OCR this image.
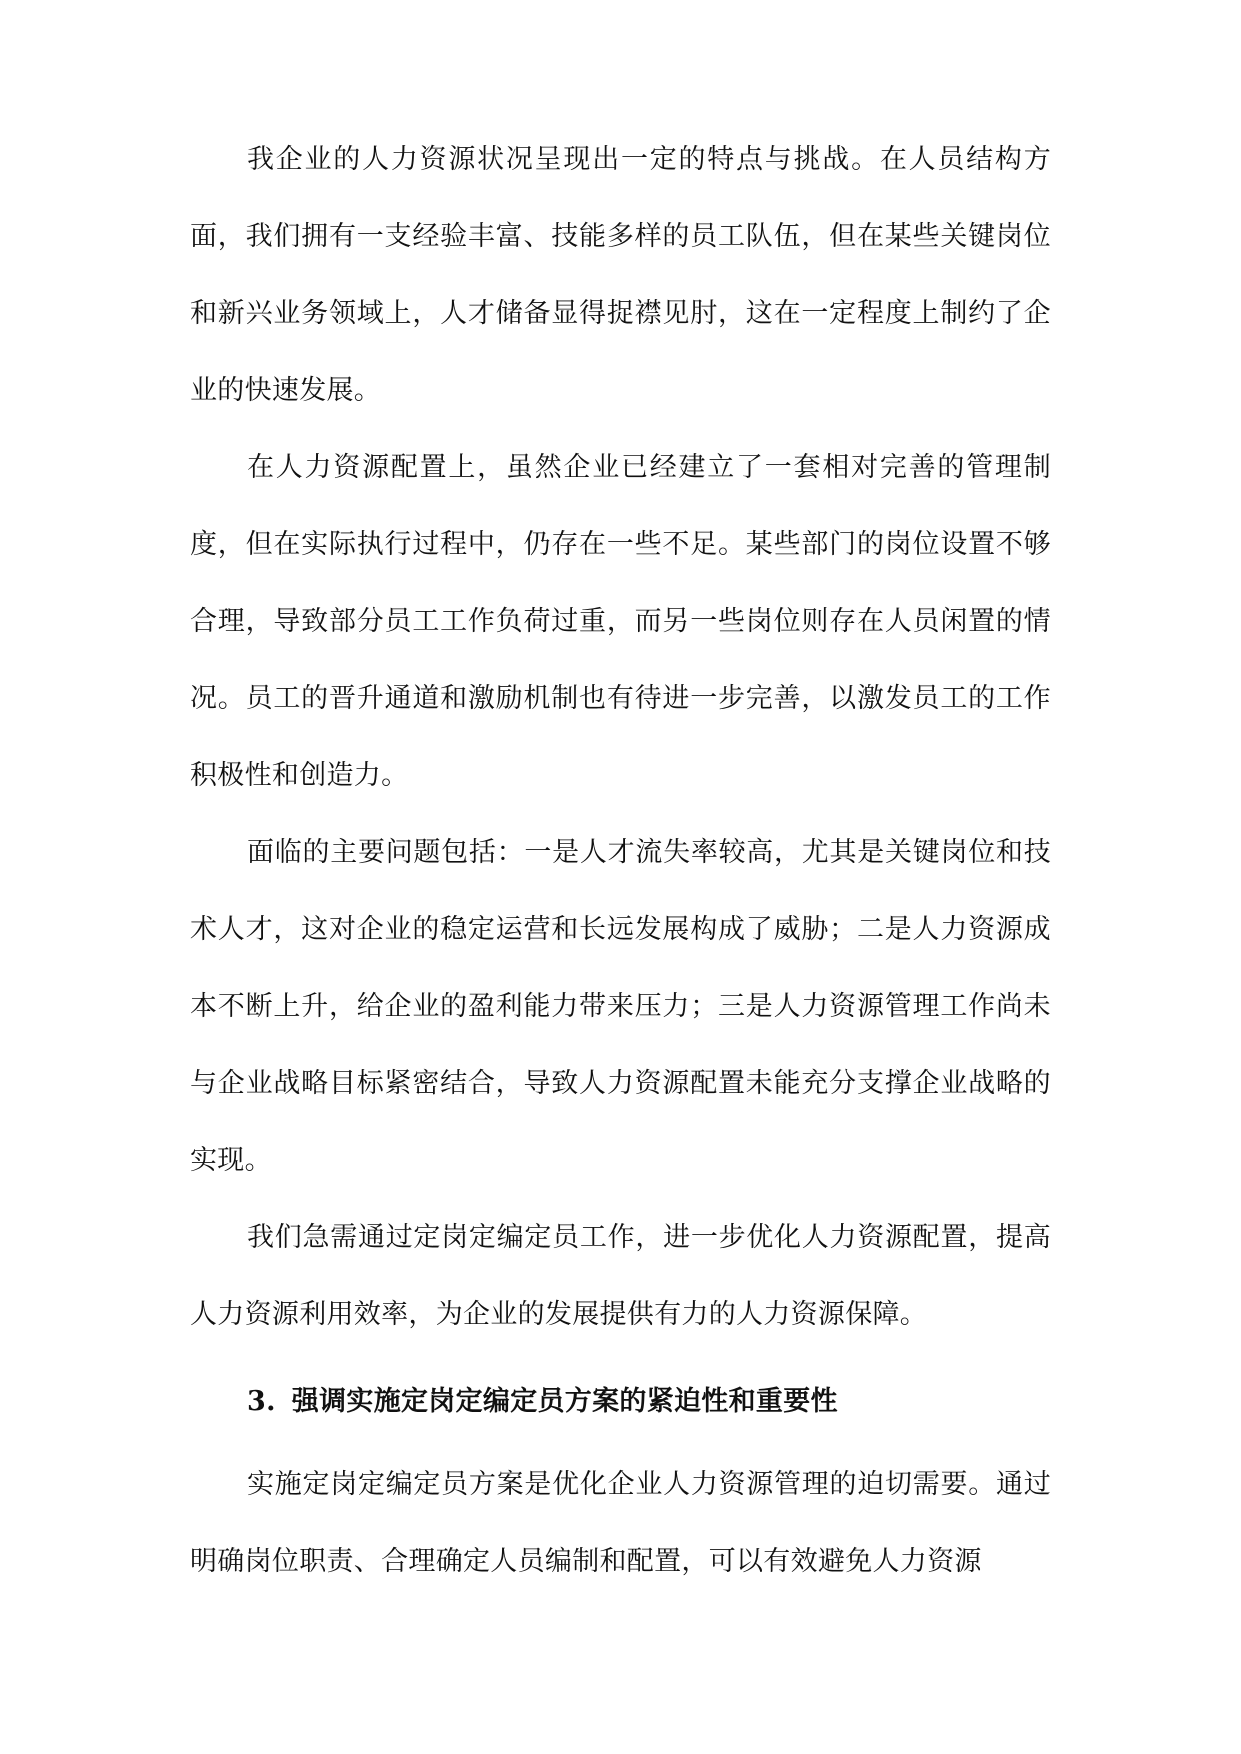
我企业的人力资源状况呈现出一定的特点与挑战。在人员结构方面，我们拥有一支经验丰富、技能多样的员工队伍，但在某些关键岗位和新兴业务领域上，人才储备显得捉襟见肘，这在一定程度上制约了企业的快速发展。

在人力资源配置上，虽然企业已经建立了一套相对完善的管理制度，但在实际执行过程中，仍存在一些不足。某些部门的岗位设置不够合理，导致部分员工工作负荷过重，而另一些岗位则存在人员闲置的情况。员工的晋升通道和激励机制也有待进一步完善，以激发员工的工作积极性和创造力。

面临的主要问题包括：一是人才流失率较高，尤其是关键岗位和技术人才，这对企业的稳定运营和长远发展构成了威胁；二是人力资源成本不断上升，给企业的盈利能力带来压力；三是人力资源管理工作尚未与企业战略目标紧密结合，导致人力资源配置未能充分支撑企业战略的实现。

我们急需通过定岗定编定员工作，进一步优化人力资源配置，提高人力资源利用效率，为企业的发展提供有力的人力资源保障。

3. 强调实施定岗定编定员方案的紧迫性和重要性

实施定岗定编定员方案是优化企业人力资源管理的迫切需要。通过明确岗位职责、合理确定人员编制和配置，可以有效避免人力资源
